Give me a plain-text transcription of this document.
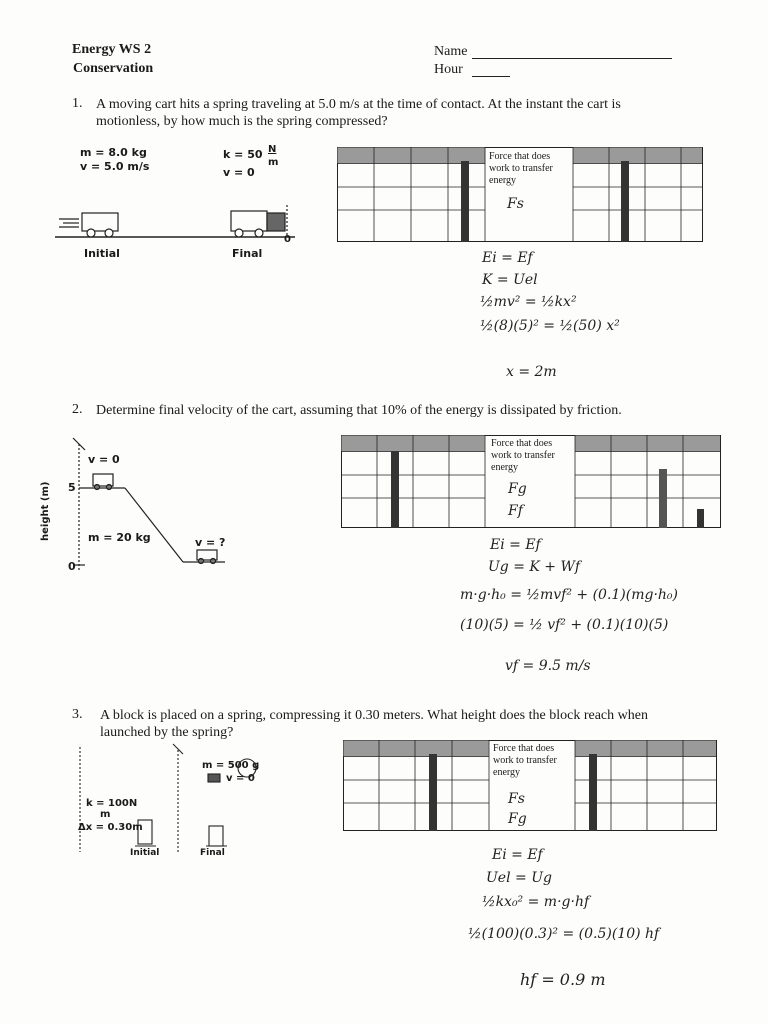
Energy WS 2
Conservation
Name
Hour
1. A moving cart hits a spring traveling at 5.0 m/s at the time of contact. At the instant the cart is
motionless, by how much is the spring compressed?
m = 8.0 kg
v = 5.0 m/s
k = 50 N
m
v = 0
0
Initial	Final
Force that does
work to transfer
energy
Fs
Ei = Ef
K = Uel
½mv² = ½kx²
½(8)(5)² = ½(50) x²
x = 2m
2. Determine final velocity of the cart, assuming that 10% of the energy is dissipated by friction.
v = 0
height (m) 5
0
m = 20 kg	v = ?
Force that does
work to transfer
energy
Fg
Ff
Ei = Ef
Ug = K + Wf
m·g·h₀ = ½mvf² + (0.1)(mg·h₀)
(10)(5) = ½ vf² + (0.1)(10)(5)
vf = 9.5 m/s
3. A block is placed on a spring, compressing it 0.30 meters. What height does the block reach when
launched by the spring?
m = 500 g
v = 0
k = 100N
m
Δx = 0.30m
Initial	Final
Force that does
work to transfer
energy
Fs
Fg
Ei = Ef
Uel = Ug
½kx₀² = m·g·hf
½(100)(0.3)² = (0.5)(10) hf
hf = 0.9 m
